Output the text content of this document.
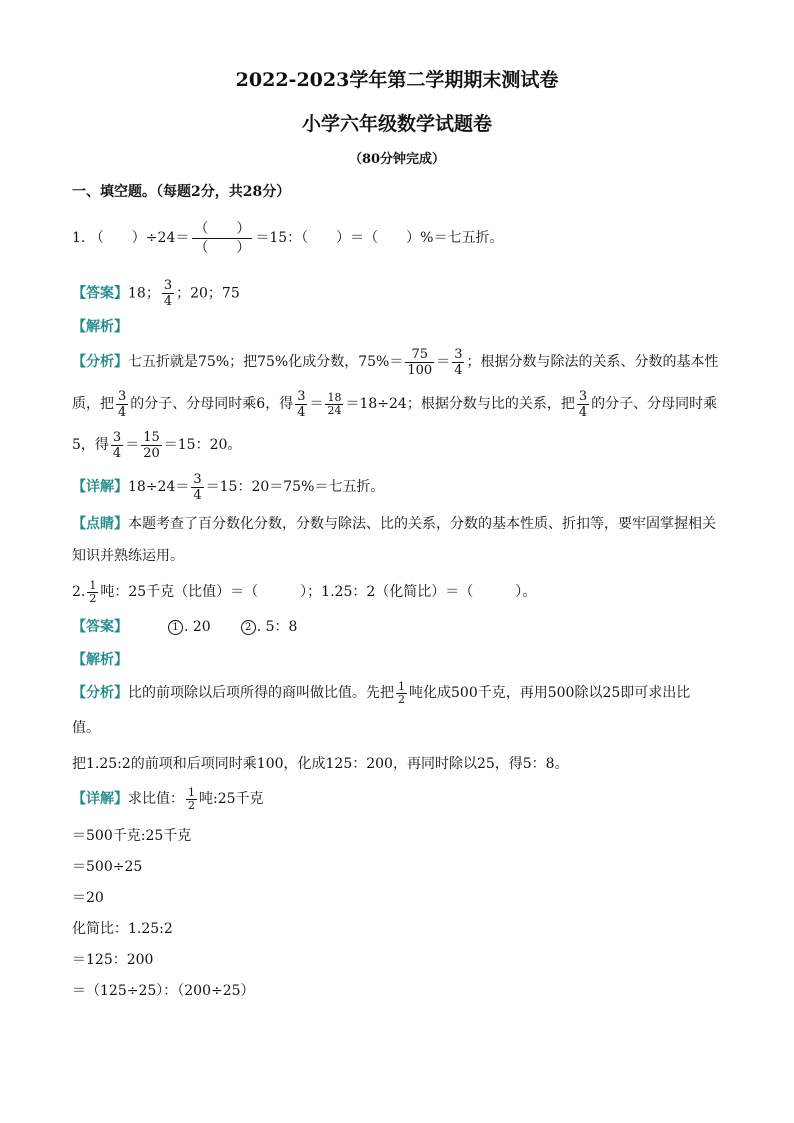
2022-2023学年第二学期期末测试卷
小学六年级数学试题卷
（80分钟完成）
一、填空题。（每题2分，共28分）
1. （　　）$\div 24= \frac{( )}{( )} =15$：（　　）＝（　　）%＝七五折。
【答案】18； $\frac{3}{4}$ ；20；75
【解析】
【分析】七五折就是75%；把75%化成分数，$75\%= \frac{75}{100} = \frac{3}{4}$ ；根据分数与除法的关系、分数的基本性
质，把 $\frac{3}{4}$ 的分子、分母同时乘6，得 $\frac{3}{4} = \frac{18}{24} =18\div 24$；根据分数与比的关系，把 $\frac{3}{4}$ 的分子、分母同时乘
5，得 $\frac{3}{4} = \frac{15}{20} =15$：20。
【详解】$18\div 24= \frac{3}{4} =15$：20＝75%＝七五折。
【点睛】本题考查了百分数化分数，分数与除法、比的关系，分数的基本性质、折扣等，要牢固掌握相关
知识并熟练运用。
2. $\frac{1}{2}$ 吨：25千克（比值）＝（　　　）；1.25：2（化简比）＝（　　　）。
【答案】	1 . 20	2 . 5：8
【解析】
【分析】比的前项除以后项所得的商叫做比值。先把 $\frac{1}{2}$ 吨化成500千克，再用500除以25即可求出比
值。
把1.25:2的前项和后项同时乘100，化成125：200，再同时除以25，得5：8。
【详解】求比值： $\frac{1}{2}$ 吨:25千克
＝500千克:25千克
＝500÷25
＝20
化简比：1.25:2
＝125：200
＝（125÷25）：（200÷25）
